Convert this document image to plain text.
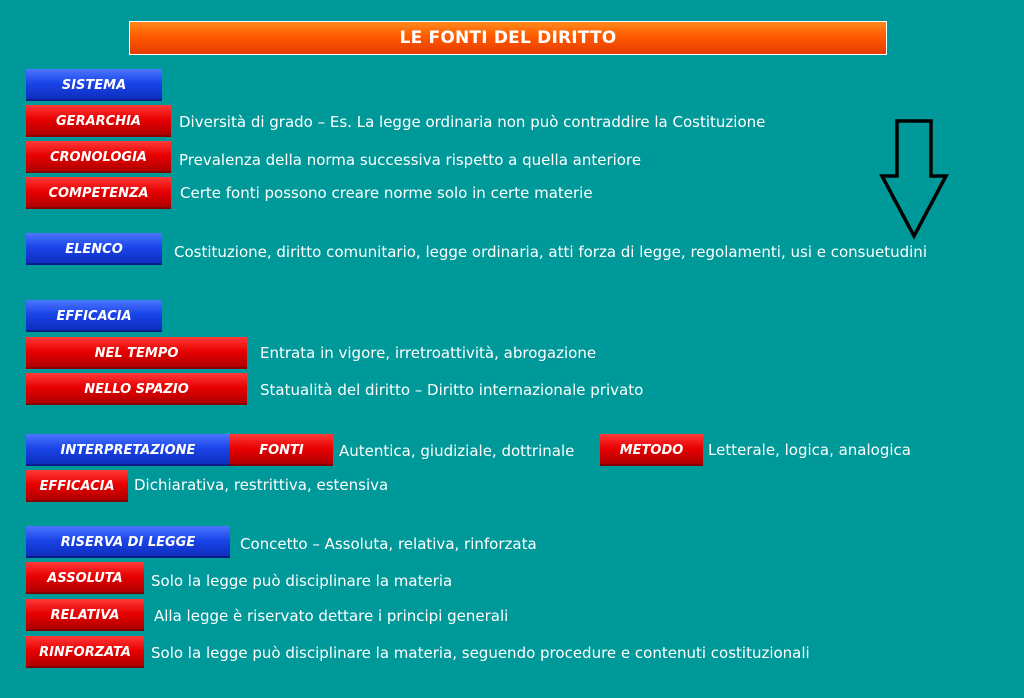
LE FONTI DEL DIRITTO
SISTEMA
GERARCHIA	Diversità di grado – Es. La legge ordinaria non può contraddire la Costituzione
CRONOLOGIA	Prevalenza della norma successiva rispetto a quella anteriore
COMPETENZA	Certe fonti possono creare norme solo in certe materie
ELENCO	Costituzione, diritto comunitario, legge ordinaria, atti forza di legge, regolamenti, usi e consuetudini
EFFICACIA
NEL TEMPO	Entrata in vigore, irretroattività, abrogazione
NELLO SPAZIO	Statualità del diritto – Diritto internazionale privato
INTERPRETAZIONE	FONTI	Autentica, giudiziale, dottrinale	METODO	Letterale, logica, analogica
EFFICACIA	Dichiarativa, restrittiva, estensiva
RISERVA DI LEGGE	Concetto – Assoluta, relativa, rinforzata
ASSOLUTA	Solo la legge può disciplinare la materia
RELATIVA	Alla legge è riservato dettare i principi generali
RINFORZATA	Solo la legge può disciplinare la materia, seguendo procedure e contenuti costituzionali
